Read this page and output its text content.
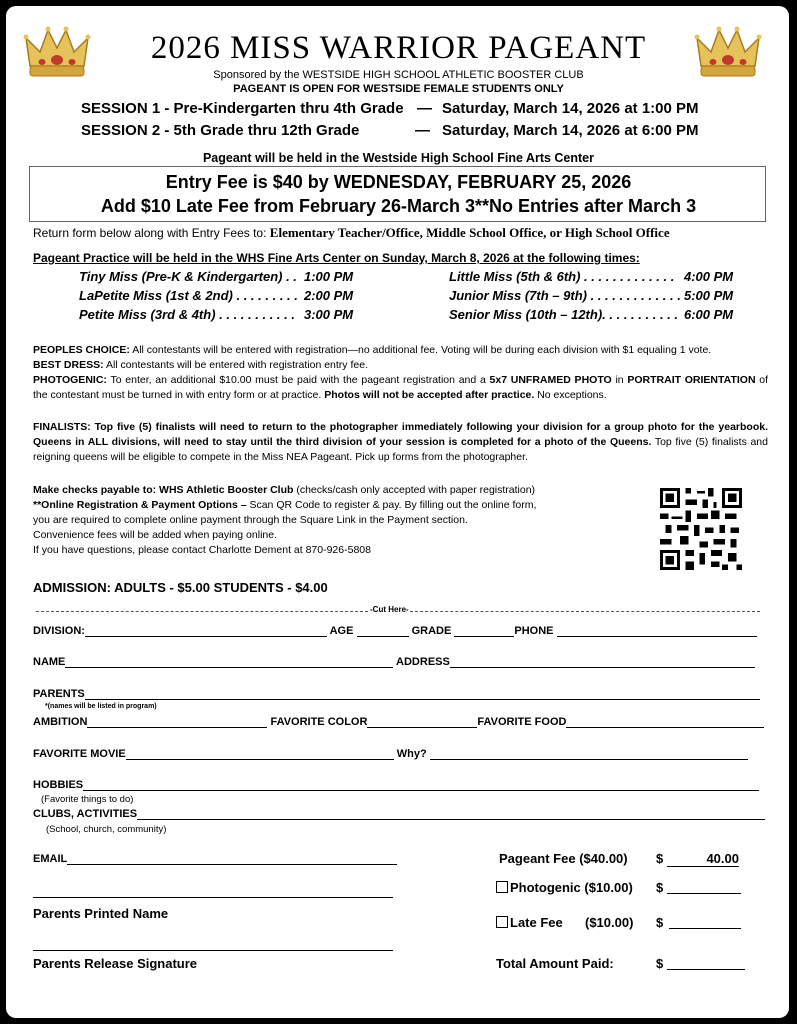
2026 MISS WARRIOR PAGEANT
Sponsored by the WESTSIDE HIGH SCHOOL ATHLETIC BOOSTER CLUB
PAGEANT IS OPEN FOR WESTSIDE FEMALE STUDENTS ONLY
SESSION 1 - Pre-Kindergarten thru 4th Grade — Saturday, March 14, 2026 at 1:00 PM
SESSION 2 - 5th Grade thru 12th Grade	— Saturday, March 14, 2026 at 6:00 PM
Pageant will be held in the Westside High School Fine Arts Center
Entry Fee is $40 by WEDNESDAY, FEBRUARY 25, 2026
Add $10 Late Fee from February 26-March 3**No Entries after March 3
Return form below along with Entry Fees to: Elementary Teacher/Office, Middle School Office, or High School Office
Pageant Practice will be held in the WHS Fine Arts Center on Sunday, March 8, 2026 at the following times:
Tiny Miss (Pre-K & Kindergarten) . . 1:00 PM
LaPetite Miss (1st & 2nd) . . . . . . . . . 2:00 PM
Petite Miss (3rd & 4th) . . . . . . . . . . . 3:00 PM
Little Miss (5th & 6th) . . . . . . . . . . . . . 4:00 PM
Junior Miss (7th – 9th) . . . . . . . . . . . . . 5:00 PM
Senior Miss (10th – 12th). . . . . . . . . . . 6:00 PM
PEOPLES CHOICE: All contestants will be entered with registration—no additional fee. Voting will be during each division with $1 equaling 1 vote.
BEST DRESS: All contestants will be entered with registration entry fee.
PHOTOGENIC: To enter, an additional $10.00 must be paid with the pageant registration and a 5x7 UNFRAMED PHOTO in PORTRAIT ORIENTATION of the contestant must be turned in with entry form or at practice. Photos will not be accepted after practice. No exceptions.
FINALISTS: Top five (5) finalists will need to return to the photographer immediately following your division for a group photo for the yearbook. Queens in ALL divisions, will need to stay until the third division of your session is completed for a photo of the Queens. Top five (5) finalists and reigning queens will be eligible to compete in the Miss NEA Pageant. Pick up forms from the photographer.
Make checks payable to: WHS Athletic Booster Club (checks/cash only accepted with paper registration)
**Online Registration & Payment Options – Scan QR Code to register & pay. By filling out the online form,
you are required to complete online payment through the Square Link in the Payment section.
Convenience fees will be added when paying online.
If you have questions, please contact Charlotte Dement at 870-926-5808
ADMISSION: ADULTS - $5.00 STUDENTS - $4.00
-Cut Here-
DIVISION:	AGE	GRADE	PHONE
NAME	ADDRESS
PARENTS
*(names will be listed in program)
AMBITION	FAVORITE COLOR	FAVORITE FOOD
FAVORITE MOVIE	Why?
HOBBIES
(Favorite things to do)
CLUBS, ACTIVITIES
(School, church, community)
EMAIL
Parents Printed Name
Parents Release Signature
Pageant Fee ($40.00) $	40.00
Photogenic ($10.00) $
Late Fee ($10.00) $
Total Amount Paid:	$
